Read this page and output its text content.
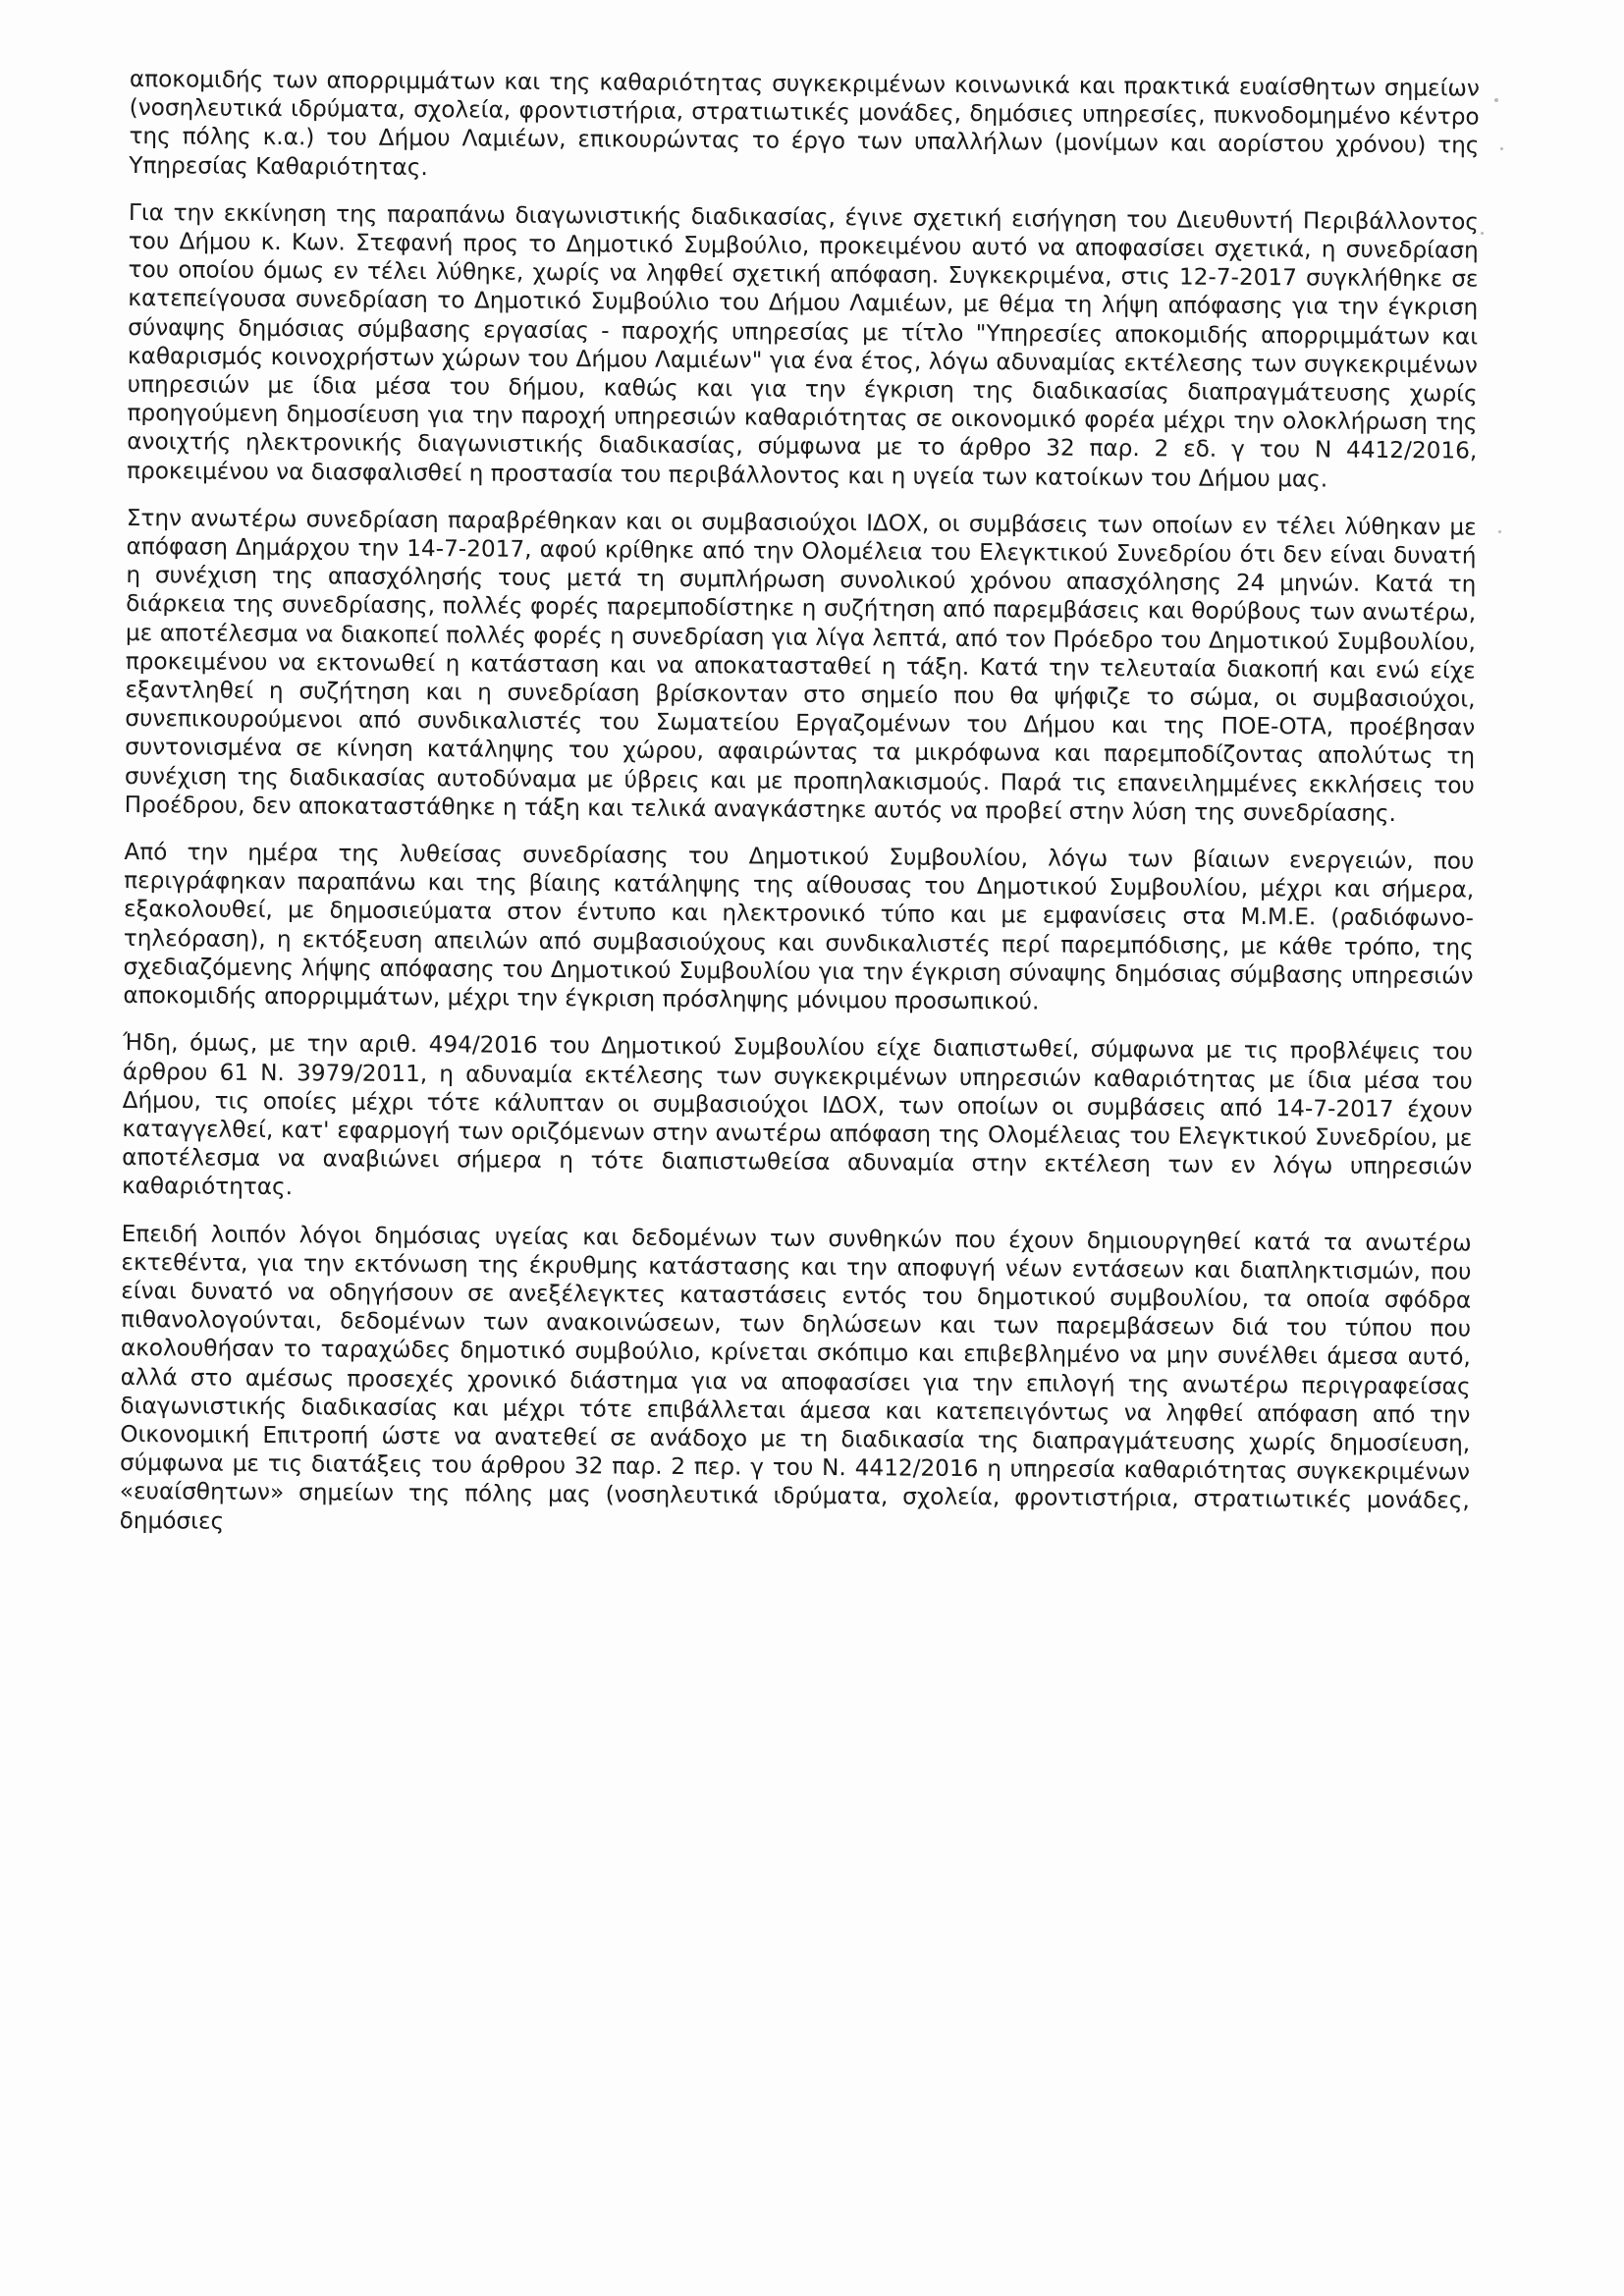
αποκομιδής των απορριμμάτων και της καθαριότητας συγκεκριμένων κοινωνικά και πρακτικά ευαίσθητων σημείων (νοσηλευτικά ιδρύματα, σχολεία, φροντιστήρια, στρατιωτικές μονάδες, δημόσιες υπηρεσίες, πυκνοδομημένο κέντρο της πόλης κ.α.) του Δήμου Λαμιέων, επικουρώντας το έργο των υπαλλήλων (μονίμων και αορίστου χρόνου) της Υπηρεσίας Καθαριότητας.

Για την εκκίνηση της παραπάνω διαγωνιστικής διαδικασίας, έγινε σχετική εισήγηση του Διευθυντή Περιβάλλοντος του Δήμου κ. Κων. Στεφανή προς το Δημοτικό Συμβούλιο, προκειμένου αυτό να αποφασίσει σχετικά, η συνεδρίαση του οποίου όμως εν τέλει λύθηκε, χωρίς να ληφθεί σχετική απόφαση. Συγκεκριμένα, στις 12-7-2017 συγκλήθηκε σε κατεπείγουσα συνεδρίαση το Δημοτικό Συμβούλιο του Δήμου Λαμιέων, με θέμα τη λήψη απόφασης για την έγκριση σύναψης δημόσιας σύμβασης εργασίας - παροχής υπηρεσίας με τίτλο "Υπηρεσίες αποκομιδής απορριμμάτων και καθαρισμός κοινοχρήστων χώρων του Δήμου Λαμιέων" για ένα έτος, λόγω αδυναμίας εκτέλεσης των συγκεκριμένων υπηρεσιών με ίδια μέσα του δήμου, καθώς και για την έγκριση της διαδικασίας διαπραγμάτευσης χωρίς προηγούμενη δημοσίευση για την παροχή υπηρεσιών καθαριότητας σε οικονομικό φορέα μέχρι την ολοκλήρωση της ανοιχτής ηλεκτρονικής διαγωνιστικής διαδικασίας, σύμφωνα με το άρθρο 32 παρ. 2 εδ. γ του Ν 4412/2016, προκειμένου να διασφαλισθεί η προστασία του περιβάλλοντος και η υγεία των κατοίκων του Δήμου μας.

Στην ανωτέρω συνεδρίαση παραβρέθηκαν και οι συμβασιούχοι ΙΔΟΧ, οι συμβάσεις των οποίων εν τέλει λύθηκαν με απόφαση Δημάρχου την 14-7-2017, αφού κρίθηκε από την Ολομέλεια του Ελεγκτικού Συνεδρίου ότι δεν είναι δυνατή η συνέχιση της απασχόλησής τους μετά τη συμπλήρωση συνολικού χρόνου απασχόλησης 24 μηνών. Κατά τη διάρκεια της συνεδρίασης, πολλές φορές παρεμποδίστηκε η συζήτηση από παρεμβάσεις και θορύβους των ανωτέρω, με αποτέλεσμα να διακοπεί πολλές φορές η συνεδρίαση για λίγα λεπτά, από τον Πρόεδρο του Δημοτικού Συμβουλίου, προκειμένου να εκτονωθεί η κατάσταση και να αποκατασταθεί η τάξη. Κατά την τελευταία διακοπή και ενώ είχε εξαντληθεί η συζήτηση και η συνεδρίαση βρίσκονταν στο σημείο που θα ψήφιζε το σώμα, οι συμβασιούχοι, συνεπικουρούμενοι από συνδικαλιστές του Σωματείου Εργαζομένων του Δήμου και της ΠΟΕ-ΟΤΑ, προέβησαν συντονισμένα σε κίνηση κατάληψης του χώρου, αφαιρώντας τα μικρόφωνα και παρεμποδίζοντας απολύτως τη συνέχιση της διαδικασίας αυτοδύναμα με ύβρεις και με προπηλακισμούς. Παρά τις επανειλημμένες εκκλήσεις του Προέδρου, δεν αποκαταστάθηκε η τάξη και τελικά αναγκάστηκε αυτός να προβεί στην λύση της συνεδρίασης.

Από την ημέρα της λυθείσας συνεδρίασης του Δημοτικού Συμβουλίου, λόγω των βίαιων ενεργειών, που περιγράφηκαν παραπάνω και της βίαιης κατάληψης της αίθουσας του Δημοτικού Συμβουλίου, μέχρι και σήμερα, εξακολουθεί, με δημοσιεύματα στον έντυπο και ηλεκτρονικό τύπο και με εμφανίσεις στα Μ.Μ.Ε. (ραδιόφωνο-τηλεόραση), η εκτόξευση απειλών από συμβασιούχους και συνδικαλιστές περί παρεμπόδισης, με κάθε τρόπο, της σχεδιαζόμενης λήψης απόφασης του Δημοτικού Συμβουλίου για την έγκριση σύναψης δημόσιας σύμβασης υπηρεσιών αποκομιδής απορριμμάτων, μέχρι την έγκριση πρόσληψης μόνιμου προσωπικού.

Ήδη, όμως, με την αριθ. 494/2016 του Δημοτικού Συμβουλίου είχε διαπιστωθεί, σύμφωνα με τις προβλέψεις του άρθρου 61 Ν. 3979/2011, η αδυναμία εκτέλεσης των συγκεκριμένων υπηρεσιών καθαριότητας με ίδια μέσα του Δήμου, τις οποίες μέχρι τότε κάλυπταν οι συμβασιούχοι ΙΔΟΧ, των οποίων οι συμβάσεις από 14-7-2017 έχουν καταγγελθεί, κατ' εφαρμογή των οριζόμενων στην ανωτέρω απόφαση της Ολομέλειας του Ελεγκτικού Συνεδρίου, με αποτέλεσμα να αναβιώνει σήμερα η τότε διαπιστωθείσα αδυναμία στην εκτέλεση των εν λόγω υπηρεσιών καθαριότητας.

Επειδή λοιπόν λόγοι δημόσιας υγείας και δεδομένων των συνθηκών που έχουν δημιουργηθεί κατά τα ανωτέρω εκτεθέντα, για την εκτόνωση της έκρυθμης κατάστασης και την αποφυγή νέων εντάσεων και διαπληκτισμών, που είναι δυνατό να οδηγήσουν σε ανεξέλεγκτες καταστάσεις εντός του δημοτικού συμβουλίου, τα οποία σφόδρα πιθανολογούνται, δεδομένων των ανακοινώσεων, των δηλώσεων και των παρεμβάσεων διά του τύπου που ακολουθήσαν το ταραχώδες δημοτικό συμβούλιο, κρίνεται σκόπιμο και επιβεβλημένο να μην συνέλθει άμεσα αυτό, αλλά στο αμέσως προσεχές χρονικό διάστημα για να αποφασίσει για την επιλογή της ανωτέρω περιγραφείσας διαγωνιστικής διαδικασίας και μέχρι τότε επιβάλλεται άμεσα και κατεπειγόντως να ληφθεί απόφαση από την Οικονομική Επιτροπή ώστε να ανατεθεί σε ανάδοχο με τη διαδικασία της διαπραγμάτευσης χωρίς δημοσίευση, σύμφωνα με τις διατάξεις του άρθρου 32 παρ. 2 περ. γ του Ν. 4412/2016 η υπηρεσία καθαριότητας συγκεκριμένων «ευαίσθητων» σημείων της πόλης μας (νοσηλευτικά ιδρύματα, σχολεία, φροντιστήρια, στρατιωτικές μονάδες, δημόσιες
